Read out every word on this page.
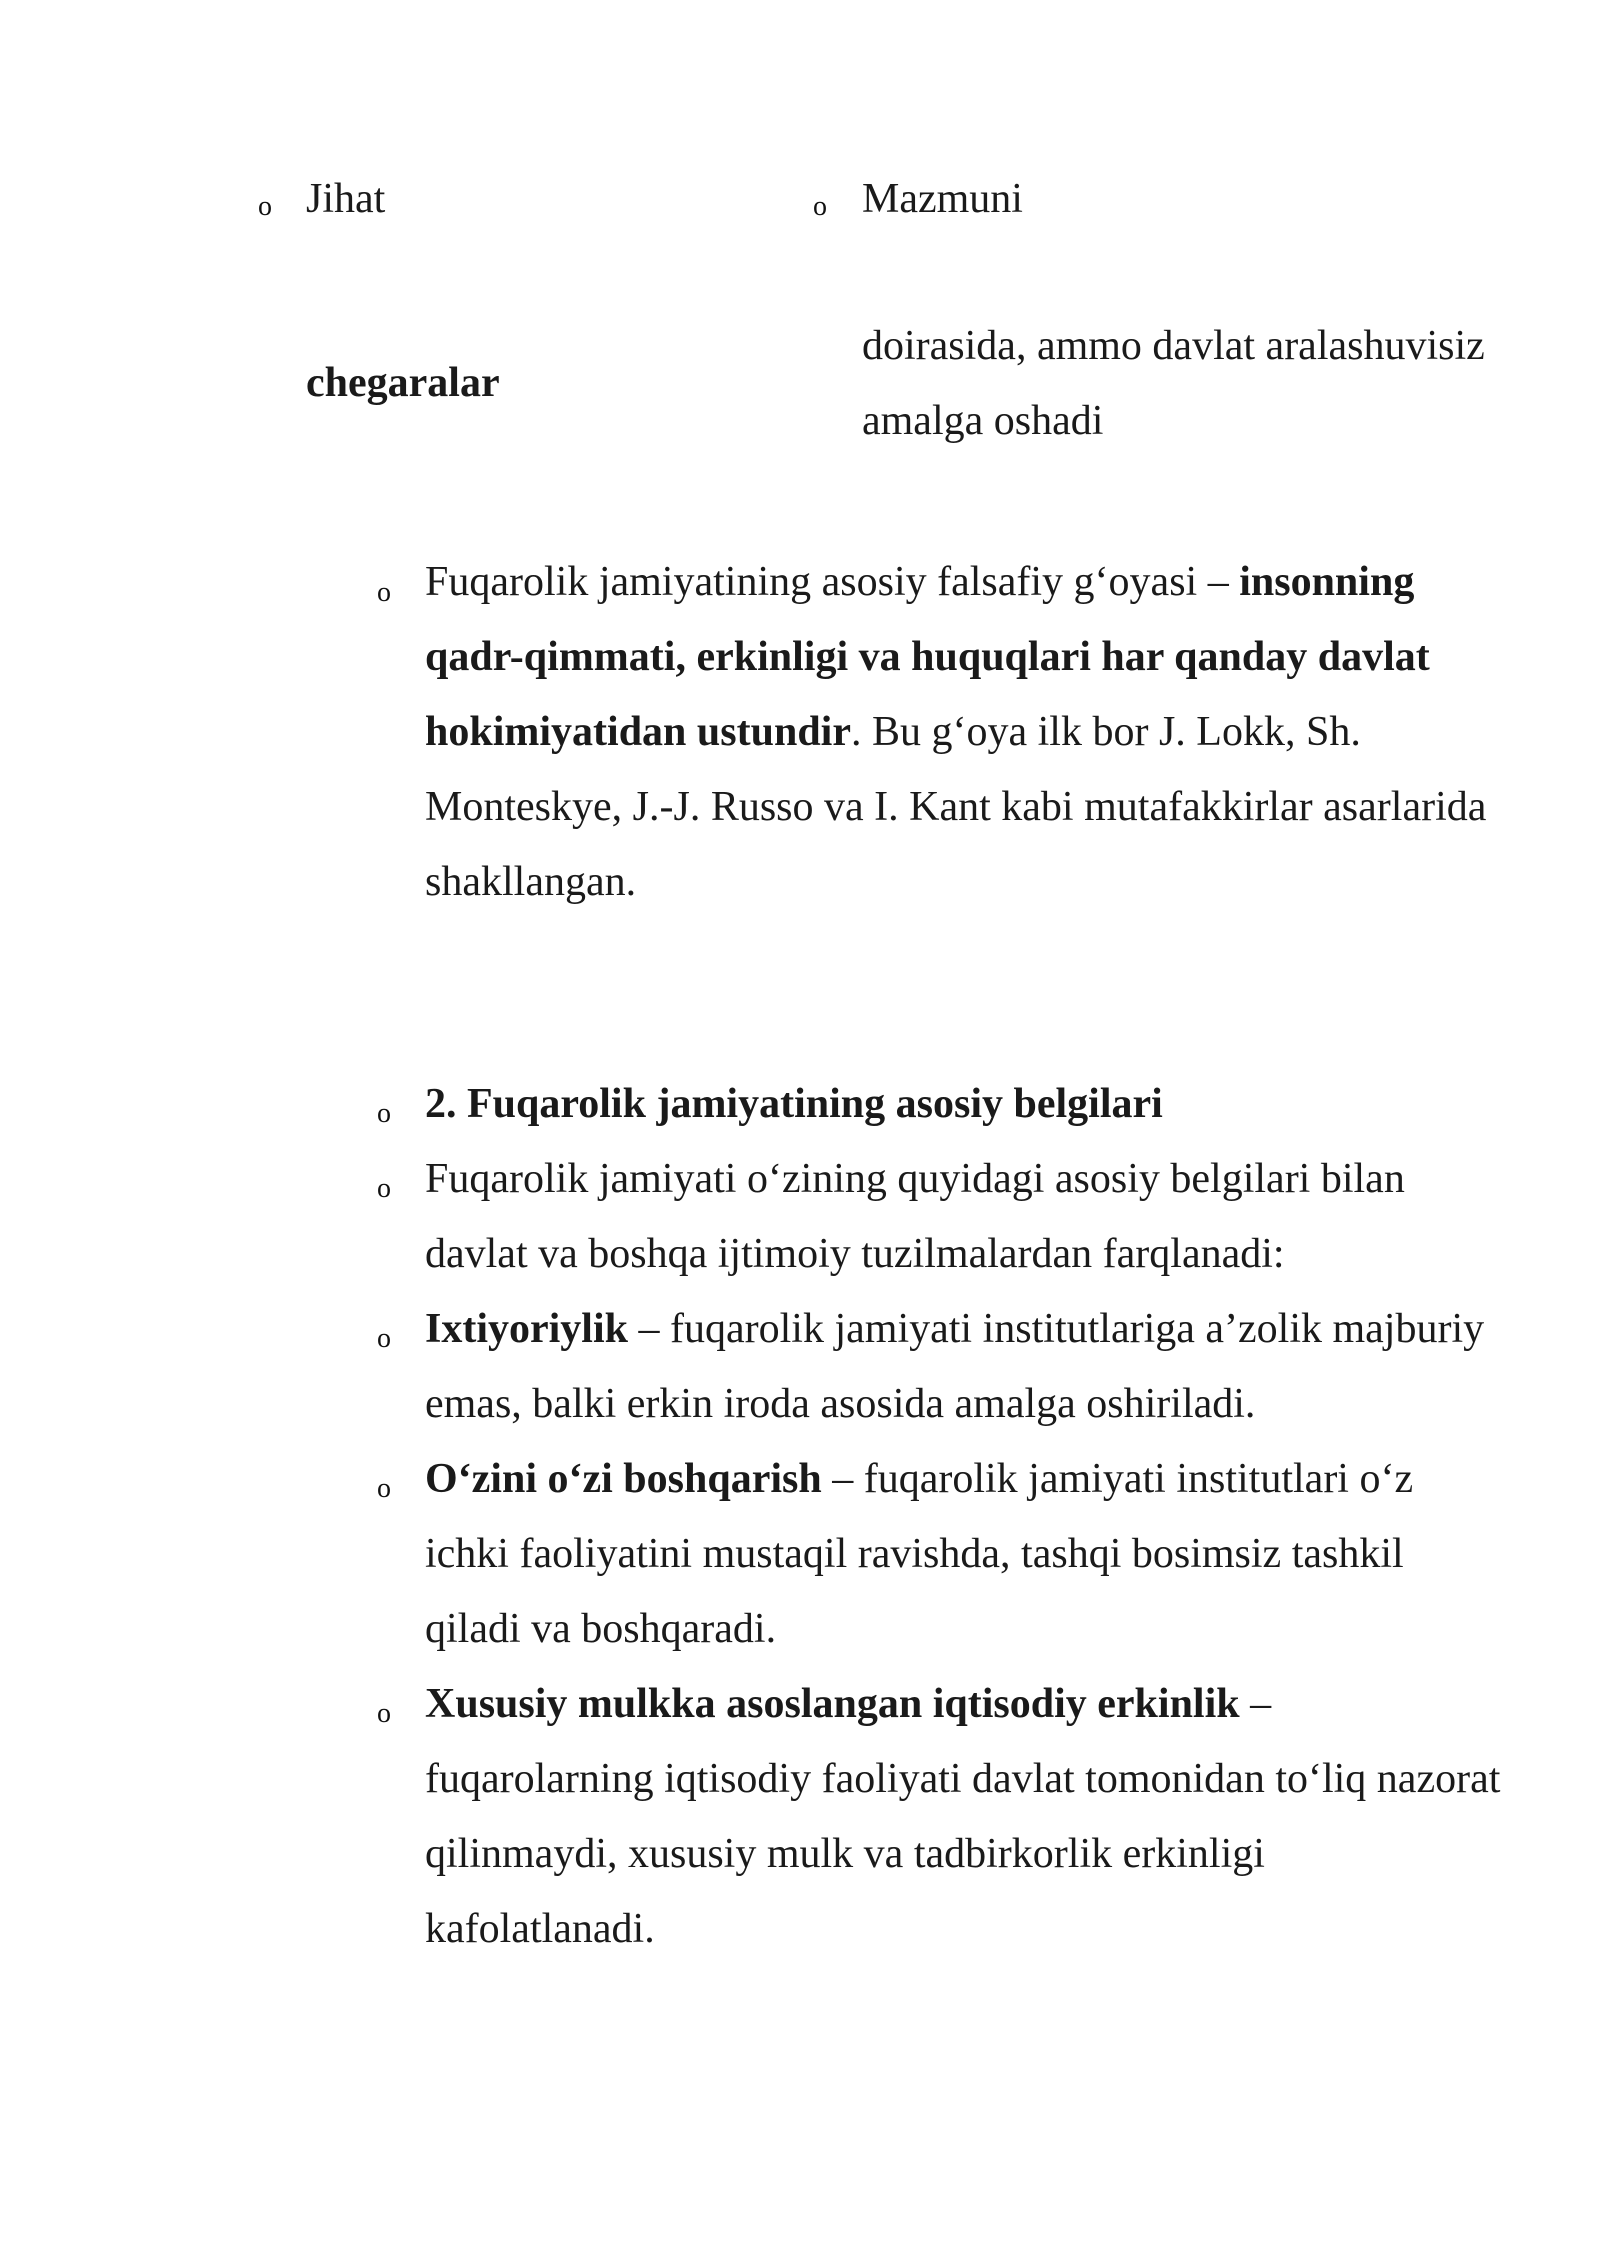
o Jihat	o Mazmuni
chegaralar
doirasida, ammo davlat aralashuvisiz amalga oshadi
o Fuqarolik jamiyatining asosiy falsafiy g‘oyasi – insonning qadr-qimmati, erkinligi va huquqlari har qanday davlat hokimiyatidan ustundir. Bu g‘oya ilk bor J. Lokk, Sh. Monteskye, J.-J. Russo va I. Kant kabi mutafakkirlar asarlarida shakllangan.
o 2. Fuqarolik jamiyatining asosiy belgilari
o Fuqarolik jamiyati o‘zining quyidagi asosiy belgilari bilan davlat va boshqa ijtimoiy tuzilmalardan farqlanadi:
o Ixtiyoriylik – fuqarolik jamiyati institutlariga a’zolik majburiy emas, balki erkin iroda asosida amalga oshiriladi.
o O‘zini o‘zi boshqarish – fuqarolik jamiyati institutlari o‘z ichki faoliyatini mustaqil ravishda, tashqi bosimsiz tashkil qiladi va boshqaradi.
o Xususiy mulkka asoslangan iqtisodiy erkinlik – fuqarolarning iqtisodiy faoliyati davlat tomonidan to‘liq nazorat qilinmaydi, xususiy mulk va tadbirkorlik erkinligi kafolatlanadi.
